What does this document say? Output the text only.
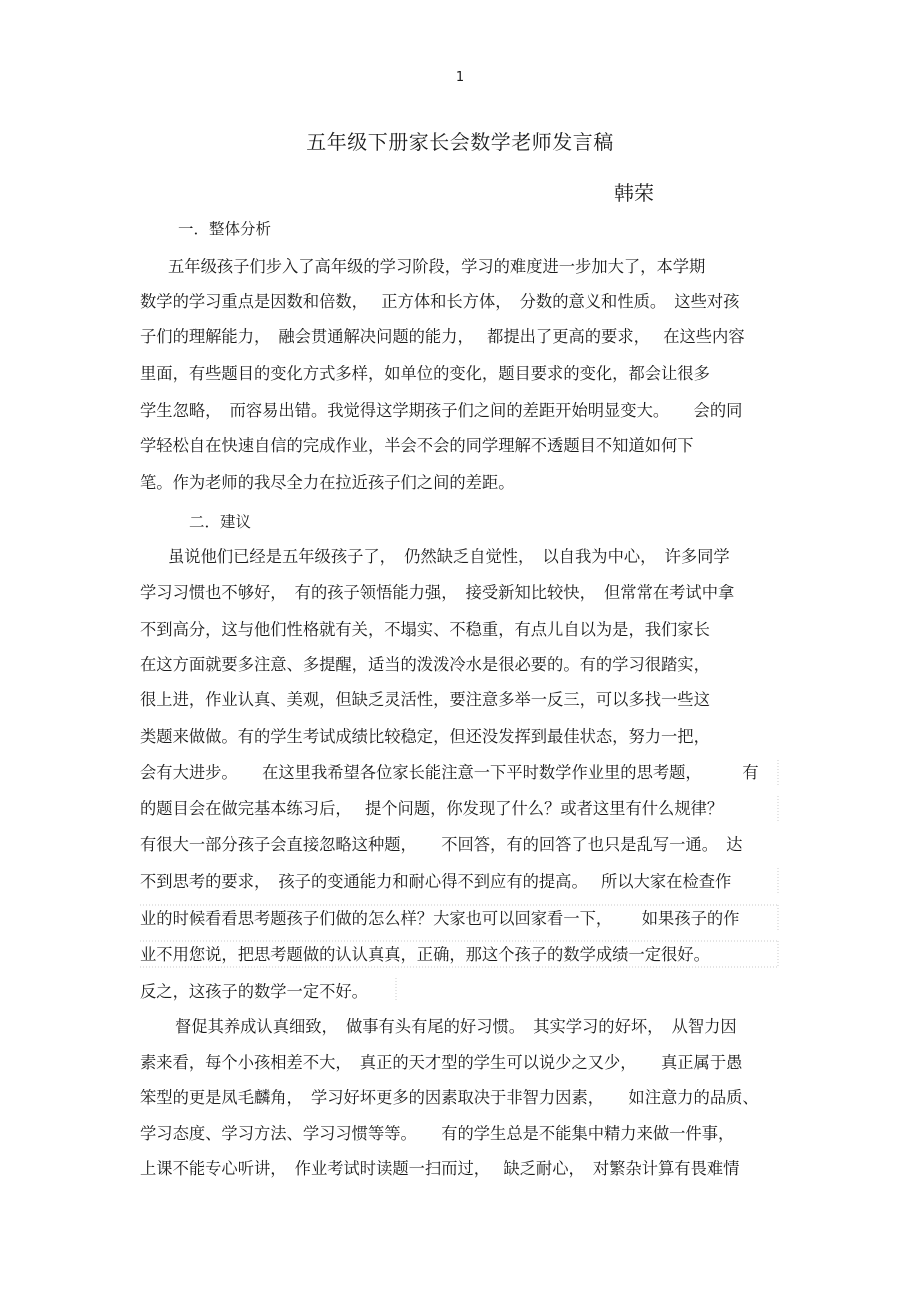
1
五年级下册家长会数学老师发言稿
韩荣
一．整体分析
五年级孩子们步入了高年级的学习阶段，学习的难度进一步加大了，本学期
数学的学习重点是因数和倍数，　 正方体和长方体，　分数的意义和性质。　这些对孩
子们的理解能力，　融会贯通解决问题的能力，　 都提出了更高的要求，　 在这些内容
里面，有些题目的变化方式多样，如单位的变化，题目要求的变化，都会让很多
学生忽略，　而容易出错。我觉得这学期孩子们之间的差距开始明显变大。　　会的同
学轻松自在快速自信的完成作业，半会不会的同学理解不透题目不知道如何下
笔。作为老师的我尽全力在拉近孩子们之间的差距。
二．建议
虽说他们已经是五年级孩子了，　仍然缺乏自觉性，　以自我为中心，　许多同学
学习习惯也不够好，　有的孩子领悟能力强，　接受新知比较快，　但常常在考试中拿
不到高分，这与他们性格就有关，不塌实、不稳重，有点儿自以为是，我们家长
在这方面就要多注意、多提醒，适当的泼泼冷水是很必要的。有的学习很踏实，
很上进，作业认真、美观，但缺乏灵活性，要注意多举一反三，可以多找一些这
类题来做做。有的学生考试成绩比较稳定，但还没发挥到最佳状态，努力一把，
会有大进步。　　在这里我希望各位家长能注意一下平时数学作业里的思考题，　　　有
的题目会在做完基本练习后，　 提个问题，你发现了什么？或者这里有什么规律？
有很大一部分孩子会直接忽略这种题，　　不回答，有的回答了也只是乱写一通。　达
不到思考的要求，　孩子的变通能力和耐心得不到应有的提高。　 所以大家在检查作
业的时候看看思考题孩子们做的怎么样？大家也可以回家看一下，　　 如果孩子的作
业不用您说，把思考题做的认认真真，正确，那这个孩子的数学成绩一定很好。
反之，这孩子的数学一定不好。
督促其养成认真细致，　做事有头有尾的好习惯。　其实学习的好坏，　从智力因
素来看，每个小孩相差不大，　真正的天才型的学生可以说少之又少，　　真正属于愚
笨型的更是凤毛麟角，　学习好坏更多的因素取决于非智力因素，　　如注意力的品质、
学习态度、学习方法、学习习惯等等。　　有的学生总是不能集中精力来做一件事，
上课不能专心听讲，　作业考试时读题一扫而过，　 缺乏耐心，　对繁杂计算有畏难情
